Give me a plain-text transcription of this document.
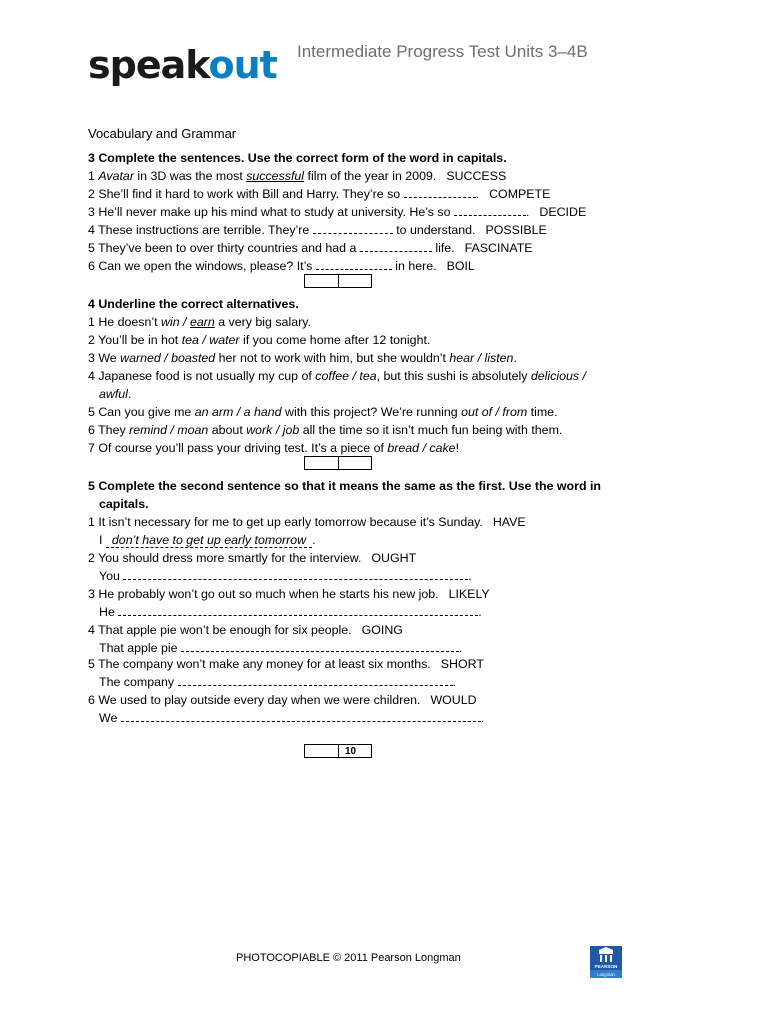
speakout Intermediate Progress Test Units 3–4B
Vocabulary and Grammar
3 Complete the sentences. Use the correct form of the word in capitals.
1 Avatar in 3D was the most successful film of the year in 2009. SUCCESS
2 She’ll find it hard to work with Bill and Harry. They’re so	. COMPETE
3 He’ll never make up his mind what to study at university. He’s so	. DECIDE
4 These instructions are terrible. They’re	to understand. POSSIBLE
5 They’ve been to over thirty countries and had a	life. FASCINATE
6 Can we open the windows, please? It’s	in here. BOIL
4 Underline the correct alternatives.
1 He doesn’t win / earn a very big salary.
2 You’ll be in hot tea / water if you come home after 12 tonight.
3 We warned / boasted her not to work with him, but she wouldn’t hear / listen.
4 Japanese food is not usually my cup of coffee / tea, but this sushi is absolutely delicious /
awful.
5 Can you give me an arm / a hand with this project? We’re running out of / from time.
6 They remind / moan about work / job all the time so it isn’t much fun being with them.
7 Of course you’ll pass your driving test. It’s a piece of bread / cake!
5 Complete the second sentence so that it means the same as the first. Use the word in
capitals.
1 It isn’t necessary for me to get up early tomorrow because it’s Sunday. HAVE
I don’t have to get up early tomorrow .
2 You should dress more smartly for the interview. OUGHT
You	.
3 He probably won’t go out so much when he starts his new job. LIKELY
He	.
4 That apple pie won’t be enough for six people. GOING
That apple pie	.
5 The company won’t make any money for at least six months. SHORT
The company	.
6 We used to play outside every day when we were children. WOULD
We	.
10
PHOTOCOPIABLE © 2011 Pearson Longman
PEARSON
Longman
